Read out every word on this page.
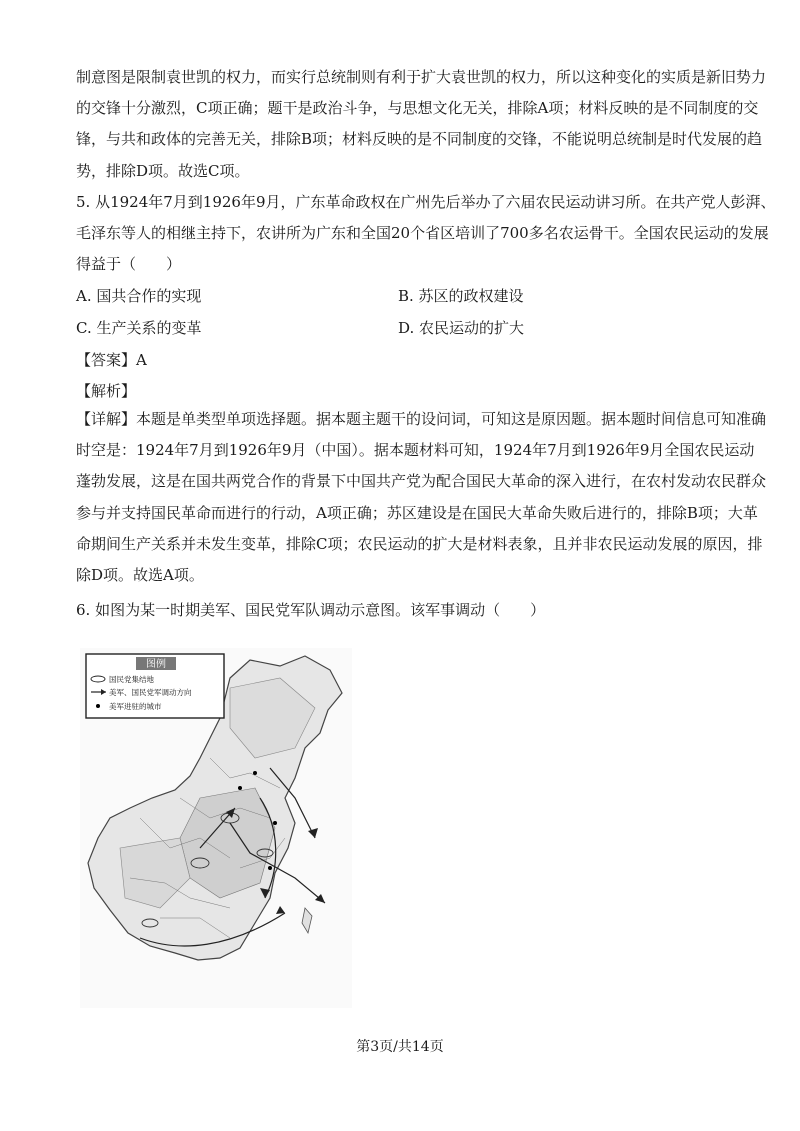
制意图是限制袁世凯的权力，而实行总统制则有利于扩大袁世凯的权力，所以这种变化的实质是新旧势力
的交锋十分激烈，C项正确；题干是政治斗争，与思想文化无关，排除A项；材料反映的是不同制度的交
锋，与共和政体的完善无关，排除B项；材料反映的是不同制度的交锋，不能说明总统制是时代发展的趋
势，排除D项。故选C项。
5. 从1924年7月到1926年9月，广东革命政权在广州先后举办了六届农民运动讲习所。在共产党人彭湃、
毛泽东等人的相继主持下，农讲所为广东和全国20个省区培训了700多名农运骨干。全国农民运动的发展
得益于（　　）
A. 国共合作的实现	B. 苏区的政权建设
C. 生产关系的变革	D. 农民运动的扩大
【答案】A
【解析】
【详解】本题是单类型单项选择题。据本题主题干的设问词，可知这是原因题。据本题时间信息可知准确
时空是：1924年7月到1926年9月（中国）。据本题材料可知，1924年7月到1926年9月全国农民运动
蓬勃发展，这是在国共两党合作的背景下中国共产党为配合国民大革命的深入进行，在农村发动农民群众
参与并支持国民革命而进行的行动，A项正确；苏区建设是在国民大革命失败后进行的，排除B项；大革
命期间生产关系并未发生变革，排除C项；农民运动的扩大是材料表象，且并非农民运动发展的原因，排
除D项。故选A项。
6. 如图为某一时期美军、国民党军队调动示意图。该军事调动（　　）
图例
国民党集结地
美军、国民党军调动方向
美军进驻的城市
第3页/共14页
